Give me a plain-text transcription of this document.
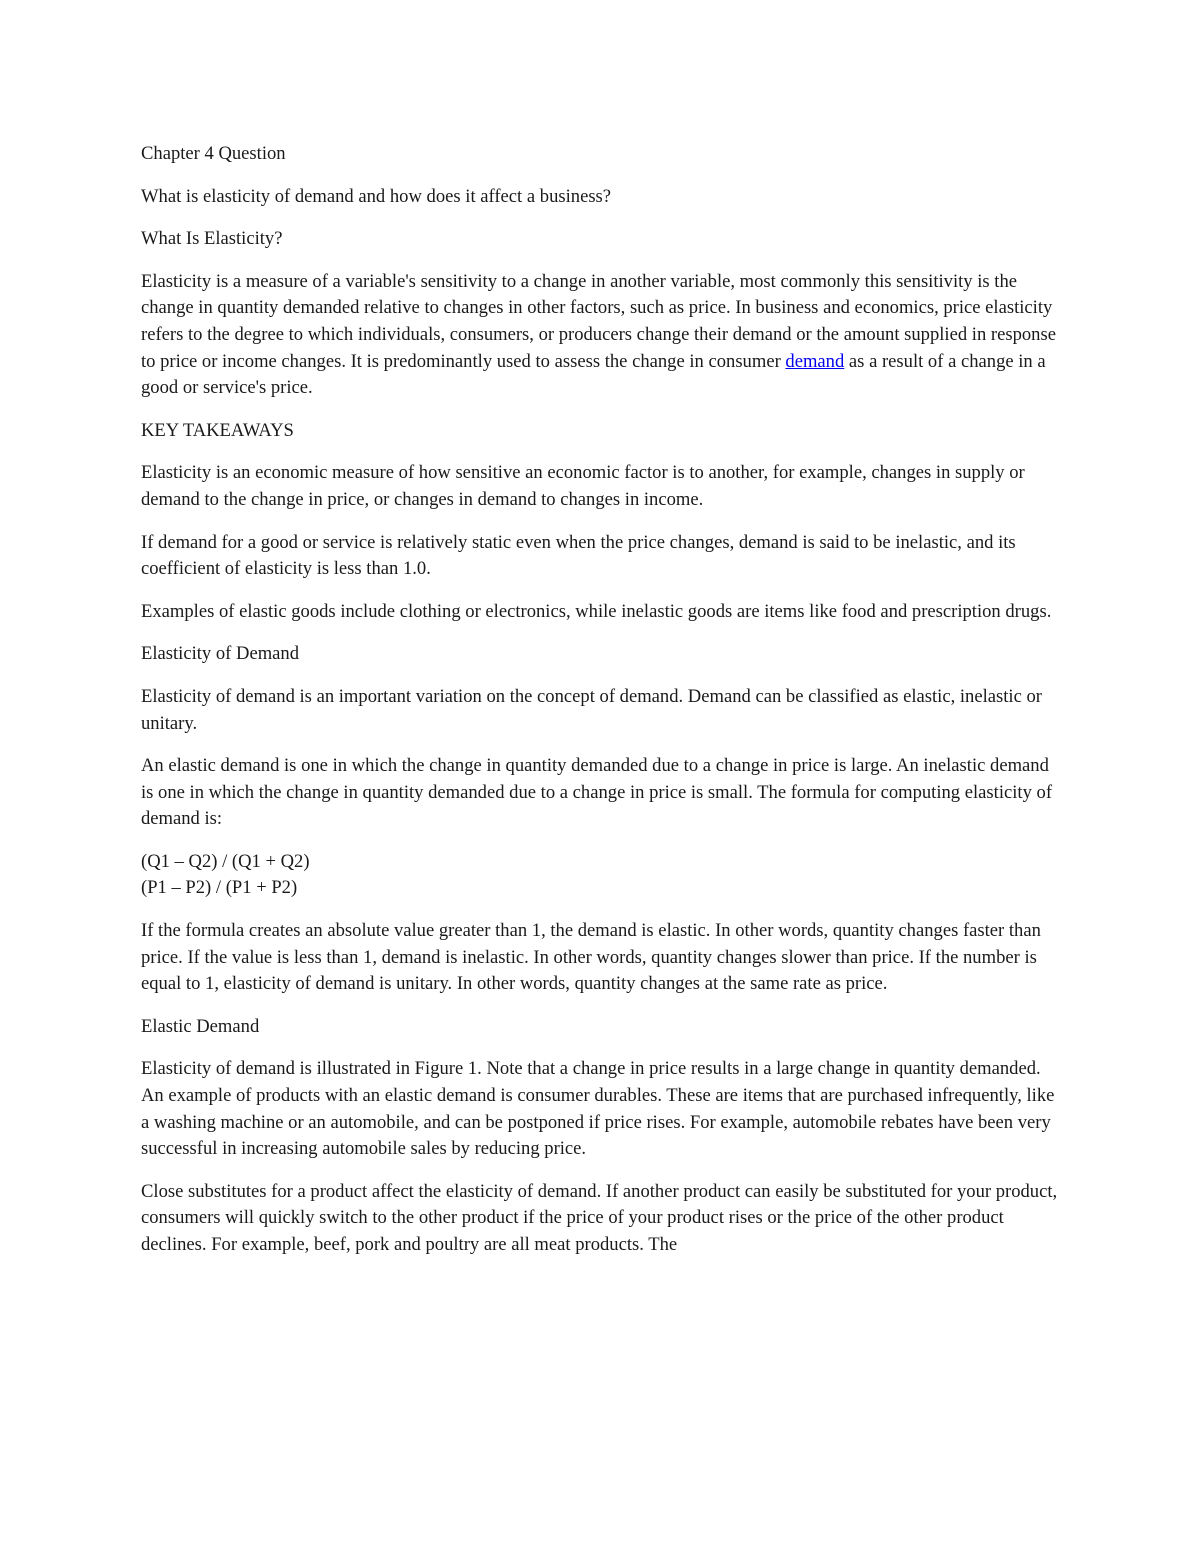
Chapter 4 Question

What is elasticity of demand and how does it affect a business?

What Is Elasticity?

Elasticity is a measure of a variable's sensitivity to a change in another variable, most commonly this sensitivity is the change in quantity demanded relative to changes in other factors, such as price. In business and economics, price elasticity refers to the degree to which individuals, consumers, or producers change their demand or the amount supplied in response to price or income changes. It is predominantly used to assess the change in consumer demand as a result of a change in a good or service's price.

KEY TAKEAWAYS

Elasticity is an economic measure of how sensitive an economic factor is to another, for example, changes in supply or demand to the change in price, or changes in demand to changes in income.

If demand for a good or service is relatively static even when the price changes, demand is said to be inelastic, and its coefficient of elasticity is less than 1.0.

Examples of elastic goods include clothing or electronics, while inelastic goods are items like food and prescription drugs.

Elasticity of Demand

Elasticity of demand is an important variation on the concept of demand. Demand can be classified as elastic, inelastic or unitary.

An elastic demand is one in which the change in quantity demanded due to a change in price is large. An inelastic demand is one in which the change in quantity demanded due to a change in price is small. The formula for computing elasticity of demand is:

(Q1 – Q2) / (Q1 + Q2)
(P1 – P2) / (P1 + P2)

If the formula creates an absolute value greater than 1, the demand is elastic. In other words, quantity changes faster than price. If the value is less than 1, demand is inelastic. In other words, quantity changes slower than price. If the number is equal to 1, elasticity of demand is unitary. In other words, quantity changes at the same rate as price.

Elastic Demand

Elasticity of demand is illustrated in Figure 1. Note that a change in price results in a large change in quantity demanded. An example of products with an elastic demand is consumer durables. These are items that are purchased infrequently, like a washing machine or an automobile, and can be postponed if price rises. For example, automobile rebates have been very successful in increasing automobile sales by reducing price.

Close substitutes for a product affect the elasticity of demand. If another product can easily be substituted for your product, consumers will quickly switch to the other product if the price of your product rises or the price of the other product declines. For example, beef, pork and poultry are all meat products. The
